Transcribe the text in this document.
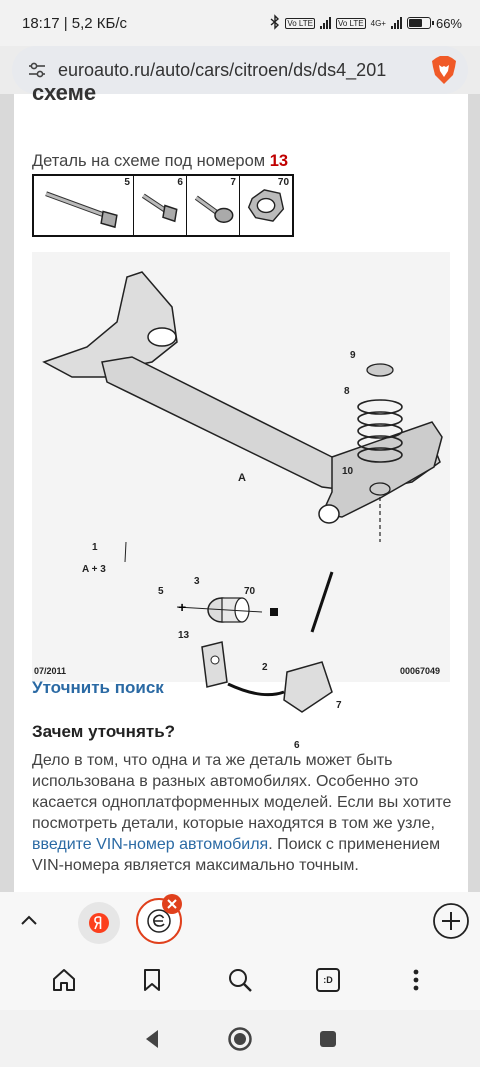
18:17 | 5,2 КБ/с	Vo LTE	Vo LTE 4G+	66%
euroauto.ru/auto/cars/citroen/ds/ds4_201
схеме
Деталь на схеме под номером 13
5	6	7	70
+
A
9
8
10
1
A + 3
5
3
70
13
2
7
6
07/2011	00067049
Уточнить поиск
Зачем уточнять?

Дело в том, что одна и та же деталь может быть использована в разных автомобилях. Особенно это касается одноплатформенных моделей. Если вы хотите посмотреть детали, которые находятся в том же узле, введите VIN-номер автомобиля. Поиск с применением VIN-номера является максимально точным.

:D
